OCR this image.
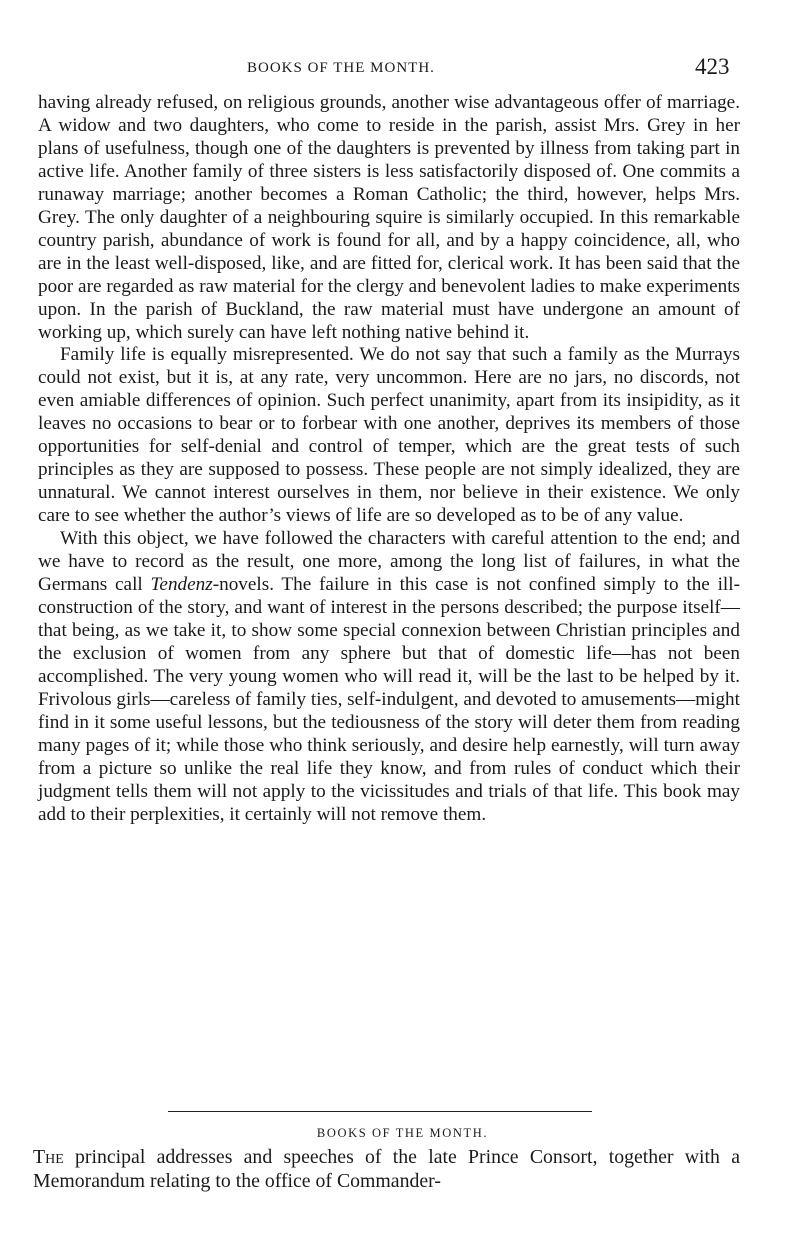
BOOKS OF THE MONTH.	423

having already refused, on religious grounds, another wise advantageous offer of marriage. A widow and two daughters, who come to reside in the parish, assist Mrs. Grey in her plans of usefulness, though one of the daughters is prevented by illness from taking part in active life. Another family of three sisters is less satisfactorily disposed of. One commits a runaway marriage; another becomes a Roman Catholic; the third, however, helps Mrs. Grey. The only daughter of a neighbouring squire is similarly occupied. In this remarkable country parish, abundance of work is found for all, and by a happy coincidence, all, who are in the least well-disposed, like, and are fitted for, clerical work. It has been said that the poor are regarded as raw material for the clergy and benevolent ladies to make experiments upon. In the parish of Buckland, the raw material must have undergone an amount of working up, which surely can have left nothing native behind it.

Family life is equally misrepresented. We do not say that such a family as the Murrays could not exist, but it is, at any rate, very uncommon. Here are no jars, no discords, not even amiable differences of opinion. Such perfect unanimity, apart from its insipidity, as it leaves no occasions to bear or to forbear with one another, deprives its members of those opportunities for self-denial and control of temper, which are the great tests of such principles as they are supposed to possess. These people are not simply idealized, they are unnatural. We cannot interest ourselves in them, nor believe in their existence. We only care to see whether the author’s views of life are so developed as to be of any value.

With this object, we have followed the characters with careful attention to the end; and we have to record as the result, one more, among the long list of failures, in what the Germans call Tendenz-novels. The failure in this case is not confined simply to the ill-construction of the story, and want of interest in the persons described; the purpose itself—that being, as we take it, to show some special connexion between Christian principles and the exclusion of women from any sphere but that of domestic life—has not been accomplished. The very young women who will read it, will be the last to be helped by it. Frivolous girls—careless of family ties, self-indulgent, and devoted to amusements—might find in it some useful lessons, but the tediousness of the story will deter them from reading many pages of it; while those who think seriously, and desire help earnestly, will turn away from a picture so unlike the real life they know, and from rules of conduct which their judgment tells them will not apply to the vicissitudes and trials of that life. This book may add to their perplexities, it certainly will not remove them.

BOOKS OF THE MONTH.

The principal addresses and speeches of the late Prince Consort, together with a Memorandum relating to the office of Commander-
